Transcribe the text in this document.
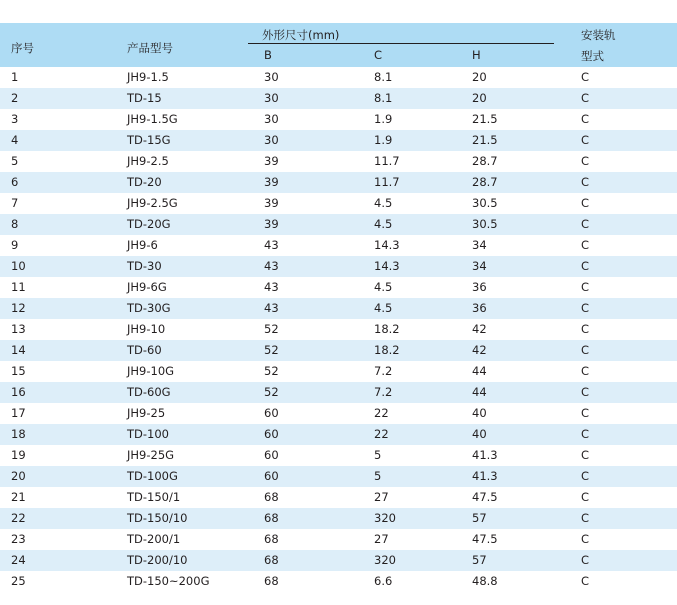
序号	产品型号
外形尺寸(mm)
B	C	H
安装轨
型式
1	JH9-1.5	30	8.1	20	C
2	TD-15	30	8.1	20	C
3	JH9-1.5G	30	1.9	21.5	C
4	TD-15G	30	1.9	21.5	C
5	JH9-2.5	39	11.7	28.7	C
6	TD-20	39	11.7	28.7	C
7	JH9-2.5G	39	4.5	30.5	C
8	TD-20G	39	4.5	30.5	C
9	JH9-6	43	14.3	34	C
10	TD-30	43	14.3	34	C
11	JH9-6G	43	4.5	36	C
12	TD-30G	43	4.5	36	C
13	JH9-10	52	18.2	42	C
14	TD-60	52	18.2	42	C
15	JH9-10G	52	7.2	44	C
16	TD-60G	52	7.2	44	C
17	JH9-25	60	22	40	C
18	TD-100	60	22	40	C
19	JH9-25G	60	5	41.3	C
20	TD-100G	60	5	41.3	C
21	TD-150/1	68	27	47.5	C
22	TD-150/10	68	320	57	C
23	TD-200/1	68	27	47.5	C
24	TD-200/10	68	320	57	C
25	TD-150~200G	68	6.6	48.8	C
